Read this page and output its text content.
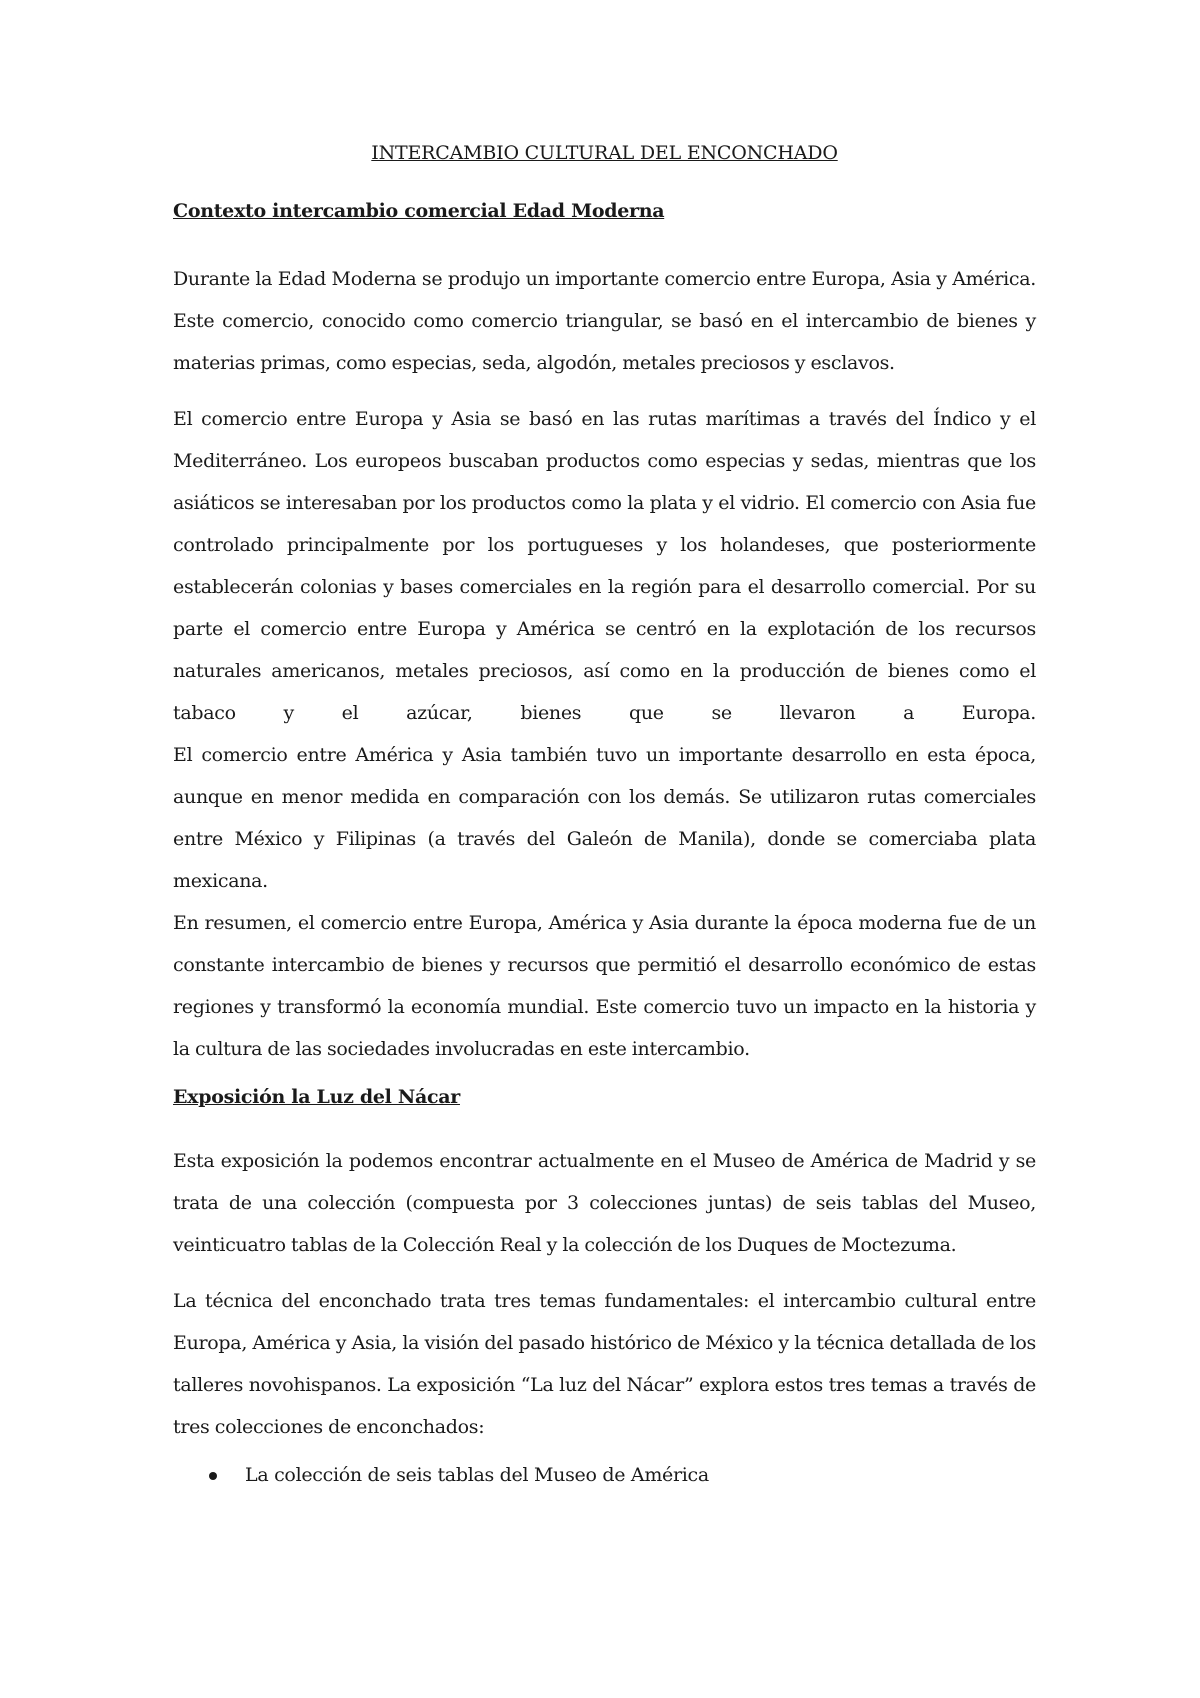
INTERCAMBIO CULTURAL DEL ENCONCHADO
Contexto intercambio comercial Edad Moderna

Durante la Edad Moderna se produjo un importante comercio entre Europa, Asia y América. Este comercio, conocido como comercio triangular, se basó en el intercambio de bienes y materias primas, como especias, seda, algodón, metales preciosos y esclavos.

El comercio entre Europa y Asia se basó en las rutas marítimas a través del Índico y el Mediterráneo. Los europeos buscaban productos como especias y sedas, mientras que los asiáticos se interesaban por los productos como la plata y el vidrio. El comercio con Asia fue controlado principalmente por los portugueses y los holandeses, que posteriormente establecerán colonias y bases comerciales en la región para el desarrollo comercial. Por su parte el comercio entre Europa y América se centró en la explotación de los recursos naturales americanos, metales preciosos, así como en la producción de bienes como el tabaco y el azúcar, bienes que se llevaron a Europa.

El comercio entre América y Asia también tuvo un importante desarrollo en esta época, aunque en menor medida en comparación con los demás. Se utilizaron rutas comerciales entre México y Filipinas (a través del Galeón de Manila), donde se comerciaba plata mexicana.

En resumen, el comercio entre Europa, América y Asia durante la época moderna fue de un constante intercambio de bienes y recursos que permitió el desarrollo económico de estas regiones y transformó la economía mundial. Este comercio tuvo un impacto en la historia y la cultura de las sociedades involucradas en este intercambio.

Exposición la Luz del Nácar

Esta exposición la podemos encontrar actualmente en el Museo de América de Madrid y se trata de una colección (compuesta por 3 colecciones juntas) de seis tablas del Museo, veinticuatro tablas de la Colección Real y la colección de los Duques de Moctezuma.

La técnica del enconchado trata tres temas fundamentales: el intercambio cultural entre Europa, América y Asia, la visión del pasado histórico de México y la técnica detallada de los talleres novohispanos. La exposición “La luz del Nácar” explora estos tres temas a través de tres colecciones de enconchados:

La colección de seis tablas del Museo de América
